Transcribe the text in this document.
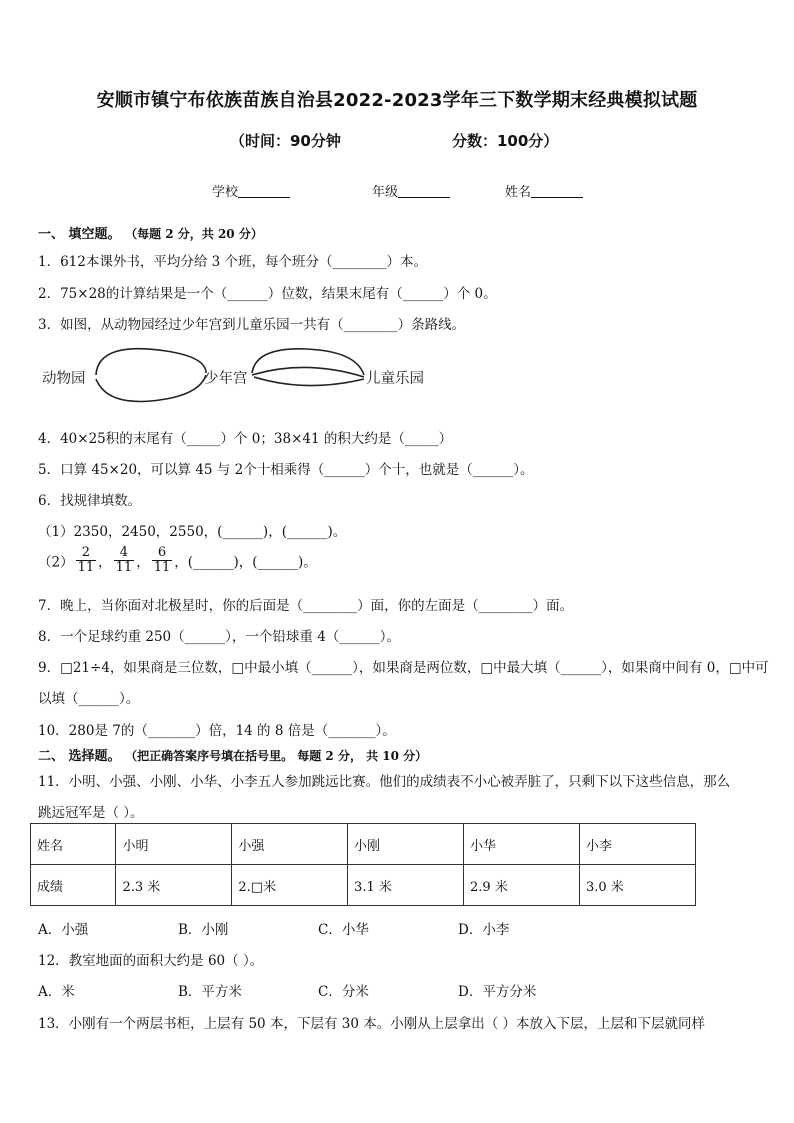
安顺市镇宁布依族苗族自治县2022-2023学年三下数学期末经典模拟试题
（时间：90分钟	分数：100分）
学校	年级	姓名
一、 填空题。 （每题 2 分，共 20 分）
1．612本课外书，平均分给 3 个班，每个班分（________）本。
2．75×28的计算结果是一个（______）位数，结果末尾有（______）个 0。
3．如图，从动物园经过少年宫到儿童乐园一共有（________）条路线。
动物园	少年宫	儿童乐园
4．40×25积的末尾有（_____）个 0；38×41 的积大约是（_____）
5．口算 45×20，可以算 45 与 2个十相乘得（______）个十，也就是（______）。
6．找规律填数。
（1）2350，2450，2550，(______)，(______)。
$(2) \frac{2}{11}$ ， $\frac{4}{11}$ ， $\frac{6}{11}$ ，(______)，(______)。
7．晚上，当你面对北极星时，你的后面是（________）面，你的左面是（________）面。
8．一个足球约重 250（______），一个铅球重 4（______）。
9．□21÷4，如果商是三位数，□中最小填（______），如果商是两位数，□中最大填（______），如果商中间有 0，□中可
以填（______）。
10．280是 7的（_______）倍，14 的 8 倍是（_______）。
二、 选择题。 （把正确答案序号填在括号里。 每题 2 分， 共 10 分）
11．小明、小强、小刚、小华、小李五人参加跳远比赛。他们的成绩表不小心被弄脏了，只剩下以下这些信息，那么
跳远冠军是（ ）。
姓名	小明	小强	小刚	小华	小李
成绩	2.3 米	2.□米	3.1 米	2.9 米	3.0 米
A．小强	B．小刚	C．小华	D．小李
12．教室地面的面积大约是 60（ ）。
A．米	B．平方米	C．分米	D．平方分米
13．小刚有一个两层书柜，上层有 50 本，下层有 30 本。小刚从上层拿出（ ）本放入下层，上层和下层就同样
